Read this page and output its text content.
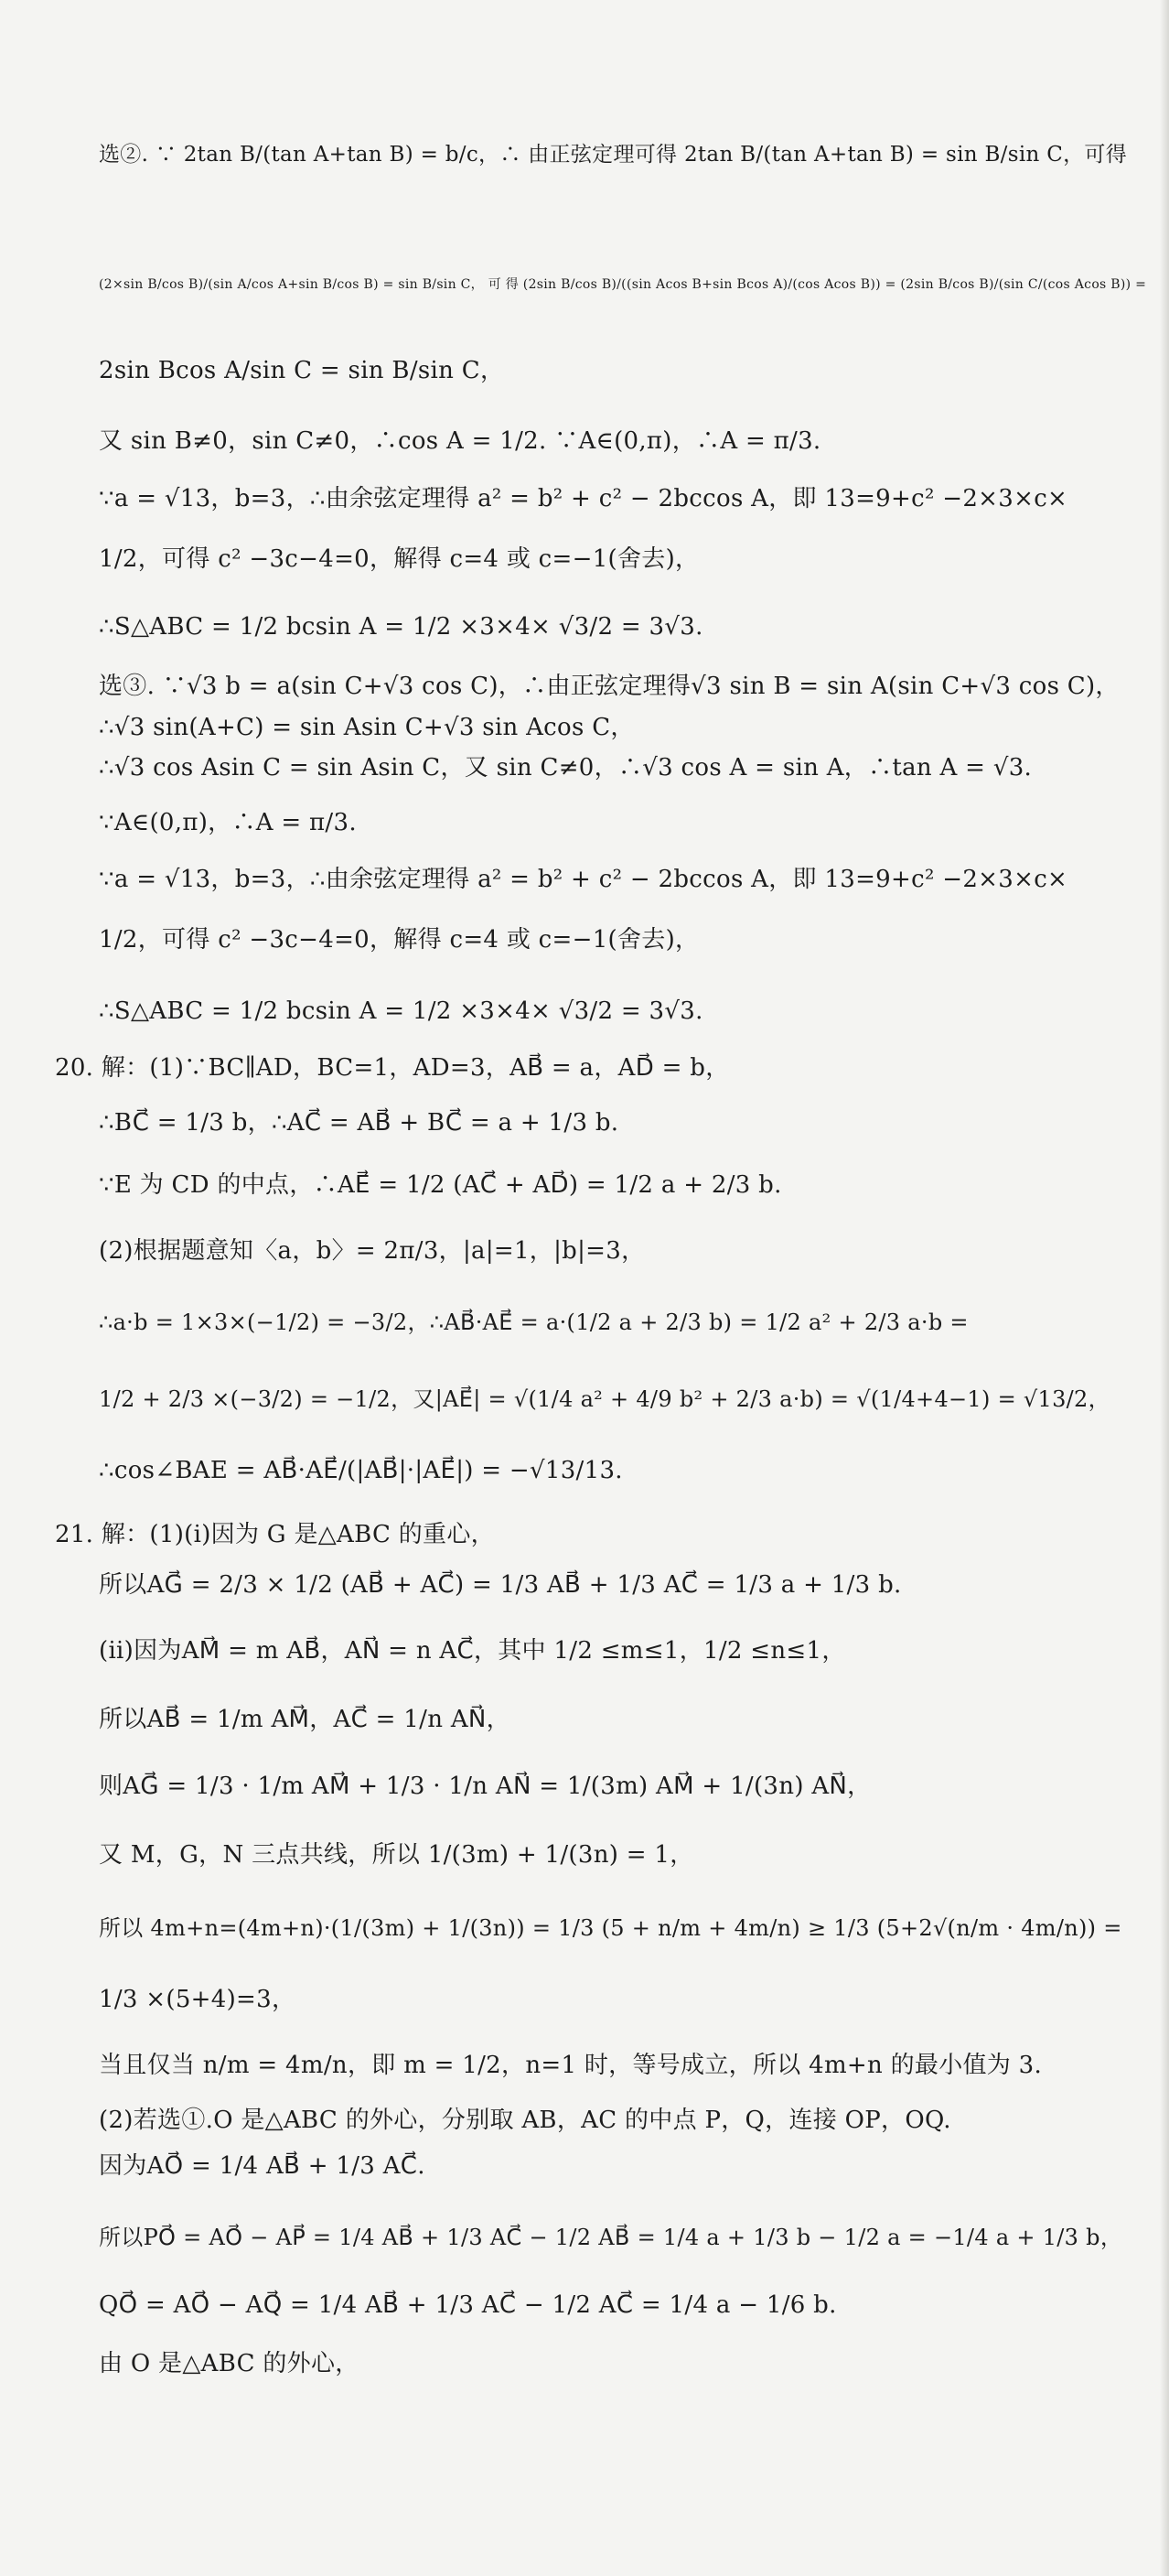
选②. ∵ 2tan B/(tan A+tan B) = b/c，∴ 由正弦定理可得 2tan B/(tan A+tan B) = sin B/sin C，可得
(2×sin B/cos B)/(sin A/cos A+sin B/cos B) = sin B/sin C， 可 得 (2sin B/cos B)/((sin Acos B+sin Bcos A)/(cos Acos B)) = (2sin B/cos B)/(sin C/(cos Acos B)) =
2sin Bcos A/sin C = sin B/sin C，
又 sin B≠0，sin C≠0，∴cos A = 1/2. ∵A∈(0,π)，∴A = π/3.
∵a = √13，b=3，∴由余弦定理得 a² = b² + c² − 2bccos A，即 13=9+c² −2×3×c×
1/2，可得 c² −3c−4=0，解得 c=4 或 c=−1(舍去)，
∴S△ABC = 1/2 bcsin A = 1/2 ×3×4× √3/2 = 3√3.
选③. ∵√3 b = a(sin C+√3 cos C)，∴由正弦定理得√3 sin B = sin A(sin C+√3 cos C)，
∴√3 sin(A+C) = sin Asin C+√3 sin Acos C，
∴√3 cos Asin C = sin Asin C，又 sin C≠0，∴√3 cos A = sin A，∴tan A = √3.
∵A∈(0,π)，∴A = π/3.
∵a = √13，b=3，∴由余弦定理得 a² = b² + c² − 2bccos A，即 13=9+c² −2×3×c×
1/2，可得 c² −3c−4=0，解得 c=4 或 c=−1(舍去)，
∴S△ABC = 1/2 bcsin A = 1/2 ×3×4× √3/2 = 3√3.
20. 解：(1)∵BC∥AD，BC=1，AD=3，AB⃗ = a，AD⃗ = b，
∴BC⃗ = 1/3 b，∴AC⃗ = AB⃗ + BC⃗ = a + 1/3 b.
∵E 为 CD 的中点，∴AE⃗ = 1/2 (AC⃗ + AD⃗) = 1/2 a + 2/3 b.
(2)根据题意知〈a，b〉= 2π/3，|a|=1，|b|=3，
∴a·b = 1×3×(−1/2) = −3/2，∴AB⃗·AE⃗ = a·(1/2 a + 2/3 b) = 1/2 a² + 2/3 a·b =
1/2 + 2/3 ×(−3/2) = −1/2，又|AE⃗| = √(1/4 a² + 4/9 b² + 2/3 a·b) = √(1/4+4−1) = √13/2，
∴cos∠BAE = AB⃗·AE⃗/(|AB⃗|·|AE⃗|) = −√13/13.
21. 解：(1)(i)因为 G 是△ABC 的重心，
所以AG⃗ = 2/3 × 1/2 (AB⃗ + AC⃗) = 1/3 AB⃗ + 1/3 AC⃗ = 1/3 a + 1/3 b.
(ii)因为AM⃗ = m AB⃗，AN⃗ = n AC⃗，其中 1/2 ≤m≤1，1/2 ≤n≤1，
所以AB⃗ = 1/m AM⃗，AC⃗ = 1/n AN⃗，
则AG⃗ = 1/3 · 1/m AM⃗ + 1/3 · 1/n AN⃗ = 1/(3m) AM⃗ + 1/(3n) AN⃗，
又 M，G，N 三点共线，所以 1/(3m) + 1/(3n) = 1，
所以 4m+n=(4m+n)·(1/(3m) + 1/(3n)) = 1/3 (5 + n/m + 4m/n) ≥ 1/3 (5+2√(n/m · 4m/n)) =
1/3 ×(5+4)=3，
当且仅当 n/m = 4m/n，即 m = 1/2，n=1 时，等号成立，所以 4m+n 的最小值为 3.
(2)若选①.O 是△ABC 的外心，分别取 AB，AC 的中点 P，Q，连接 OP，OQ.
因为AO⃗ = 1/4 AB⃗ + 1/3 AC⃗.
所以PO⃗ = AO⃗ − AP⃗ = 1/4 AB⃗ + 1/3 AC⃗ − 1/2 AB⃗ = 1/4 a + 1/3 b − 1/2 a = −1/4 a + 1/3 b，
QO⃗ = AO⃗ − AQ⃗ = 1/4 AB⃗ + 1/3 AC⃗ − 1/2 AC⃗ = 1/4 a − 1/6 b.
由 O 是△ABC 的外心，
